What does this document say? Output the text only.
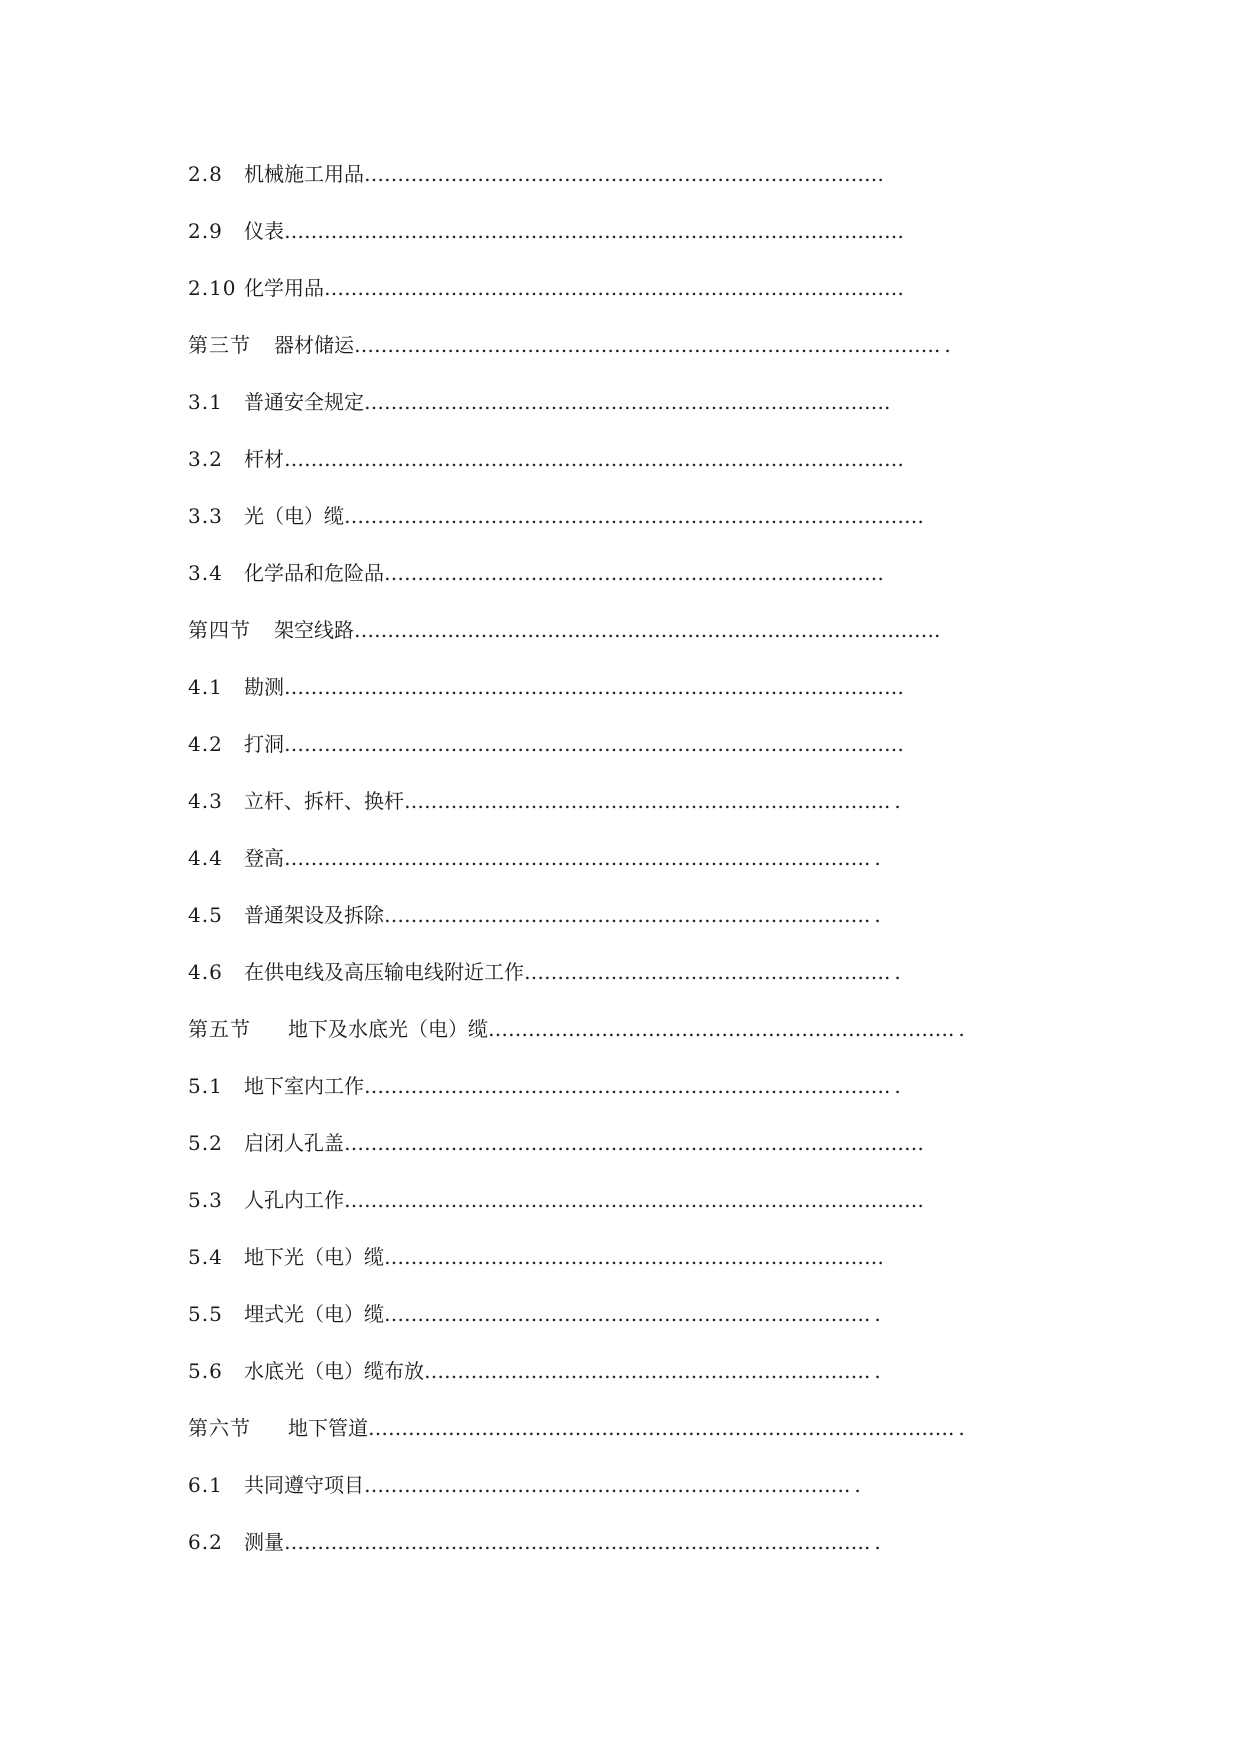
2.8 机械施工用品……………………………………………………………………
2.9 仪表…………………………………………………………………………………
2.10 化学用品……………………………………………………………………………
第三节 器材储运……………………………………………………………………………..
3.1 普通安全规定…………………………………………………………………….
3.2 杆材…………………………………………………………………………………
3.3 光（电）缆……………………………………………………………………………
3.4 化学品和危险品…………………………………………………………………
第四节 架空线路…………………………………………………………………………….
4.1 勘测…………………………………………………………………………………
4.2 打洞…………………………………………………………………………………
4.3 立杆、拆杆、换杆………………………………………………………………..
4.4 登高……………………………………………………………………………..
4.5 普通架设及拆除………………………………………………………………..
4.6 在供电线及高压输电线附近工作………………………………………………..
第五节 地下及水底光（电）缆……………………………………………………………..
5.1 地下室内工作……………………………………………………………………..
5.2 启闭人孔盖……………………………………………………………………………
5.3 人孔内工作……………………………………………………………………………
5.4 地下光（电）缆…………………………………………………………………
5.5 埋式光（电）缆………………………………………………………………..
5.6 水底光（电）缆布放…………………………………………………………..
第六节 地下管道……………………………………………………………………………..
6.1 共同遵守项目………………………………………………………………..
6.2 测量……………………………………………………………………………..
